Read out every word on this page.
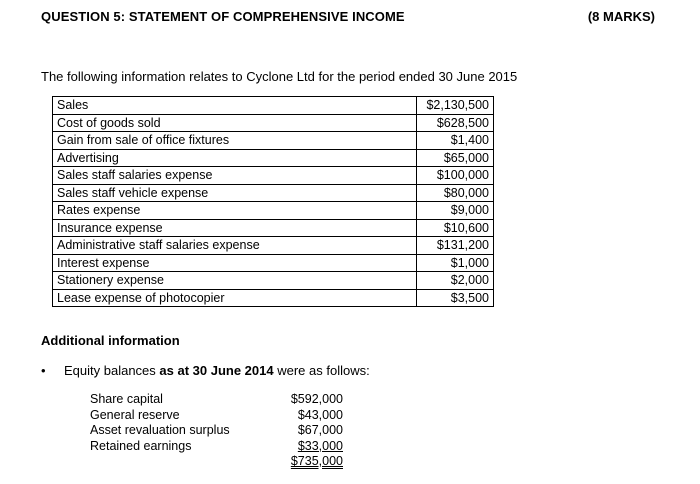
QUESTION 5: STATEMENT OF COMPREHENSIVE INCOME	(8 MARKS)
The following information relates to Cyclone Ltd for the period ended 30 June 2015
Sales	$2,130,500
Cost of goods sold	$628,500
Gain from sale of office fixtures	$1,400
Advertising	$65,000
Sales staff salaries expense	$100,000
Sales staff vehicle expense	$80,000
Rates expense	$9,000
Insurance expense	$10,600
Administrative staff salaries expense	$131,200
Interest expense	$1,000
Stationery expense	$2,000
Lease expense of photocopier	$3,500
Additional information
• Equity balances as at 30 June 2014 were as follows:
Share capital	$592,000
General reserve	$43,000
Asset revaluation surplus	$67,000
Retained earnings	$33,000
$735,000
